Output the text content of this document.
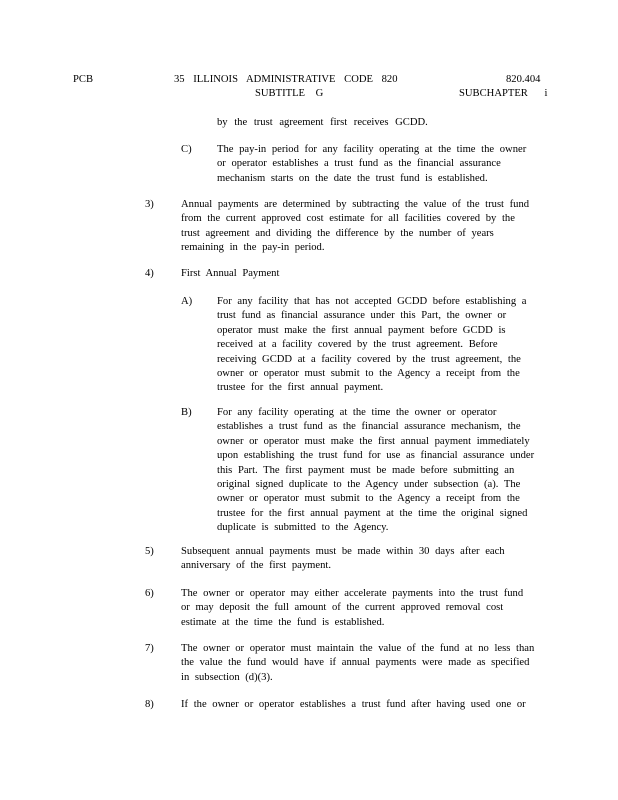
PCB	35 ILLINOIS ADMINISTRATIVE CODE 820	820.404
SUBTITLE G	SUBCHAPTER i
by the trust agreement first receives GCDD.
C) The pay-in period for any facility operating at the time the owner or operator establishes a trust fund as the financial assurance mechanism starts on the date the trust fund is established.
3)	Annual payments are determined by subtracting the value of the trust fund from the current approved cost estimate for all facilities covered by the trust agreement and dividing the difference by the number of years remaining in the pay-in period.
4)	First Annual Payment
A) For any facility that has not accepted GCDD before establishing a trust fund as financial assurance under this Part, the owner or operator must make the first annual payment before GCDD is received at a facility covered by the trust agreement. Before receiving GCDD at a facility covered by the trust agreement, the owner or operator must submit to the Agency a receipt from the trustee for the first annual payment.
B) For any facility operating at the time the owner or operator establishes a trust fund as the financial assurance mechanism, the owner or operator must make the first annual payment immediately upon establishing the trust fund for use as financial assurance under this Part. The first payment must be made before submitting an original signed duplicate to the Agency under subsection (a). The owner or operator must submit to the Agency a receipt from the trustee for the first annual payment at the time the original signed duplicate is submitted to the Agency.
5)	Subsequent annual payments must be made within 30 days after each anniversary of the first payment.
6)	The owner or operator may either accelerate payments into the trust fund or may deposit the full amount of the current approved removal cost estimate at the time the fund is established.
7)	The owner or operator must maintain the value of the fund at no less than the value the fund would have if annual payments were made as specified in subsection (d)(3).
8)	If the owner or operator establishes a trust fund after having used one or
